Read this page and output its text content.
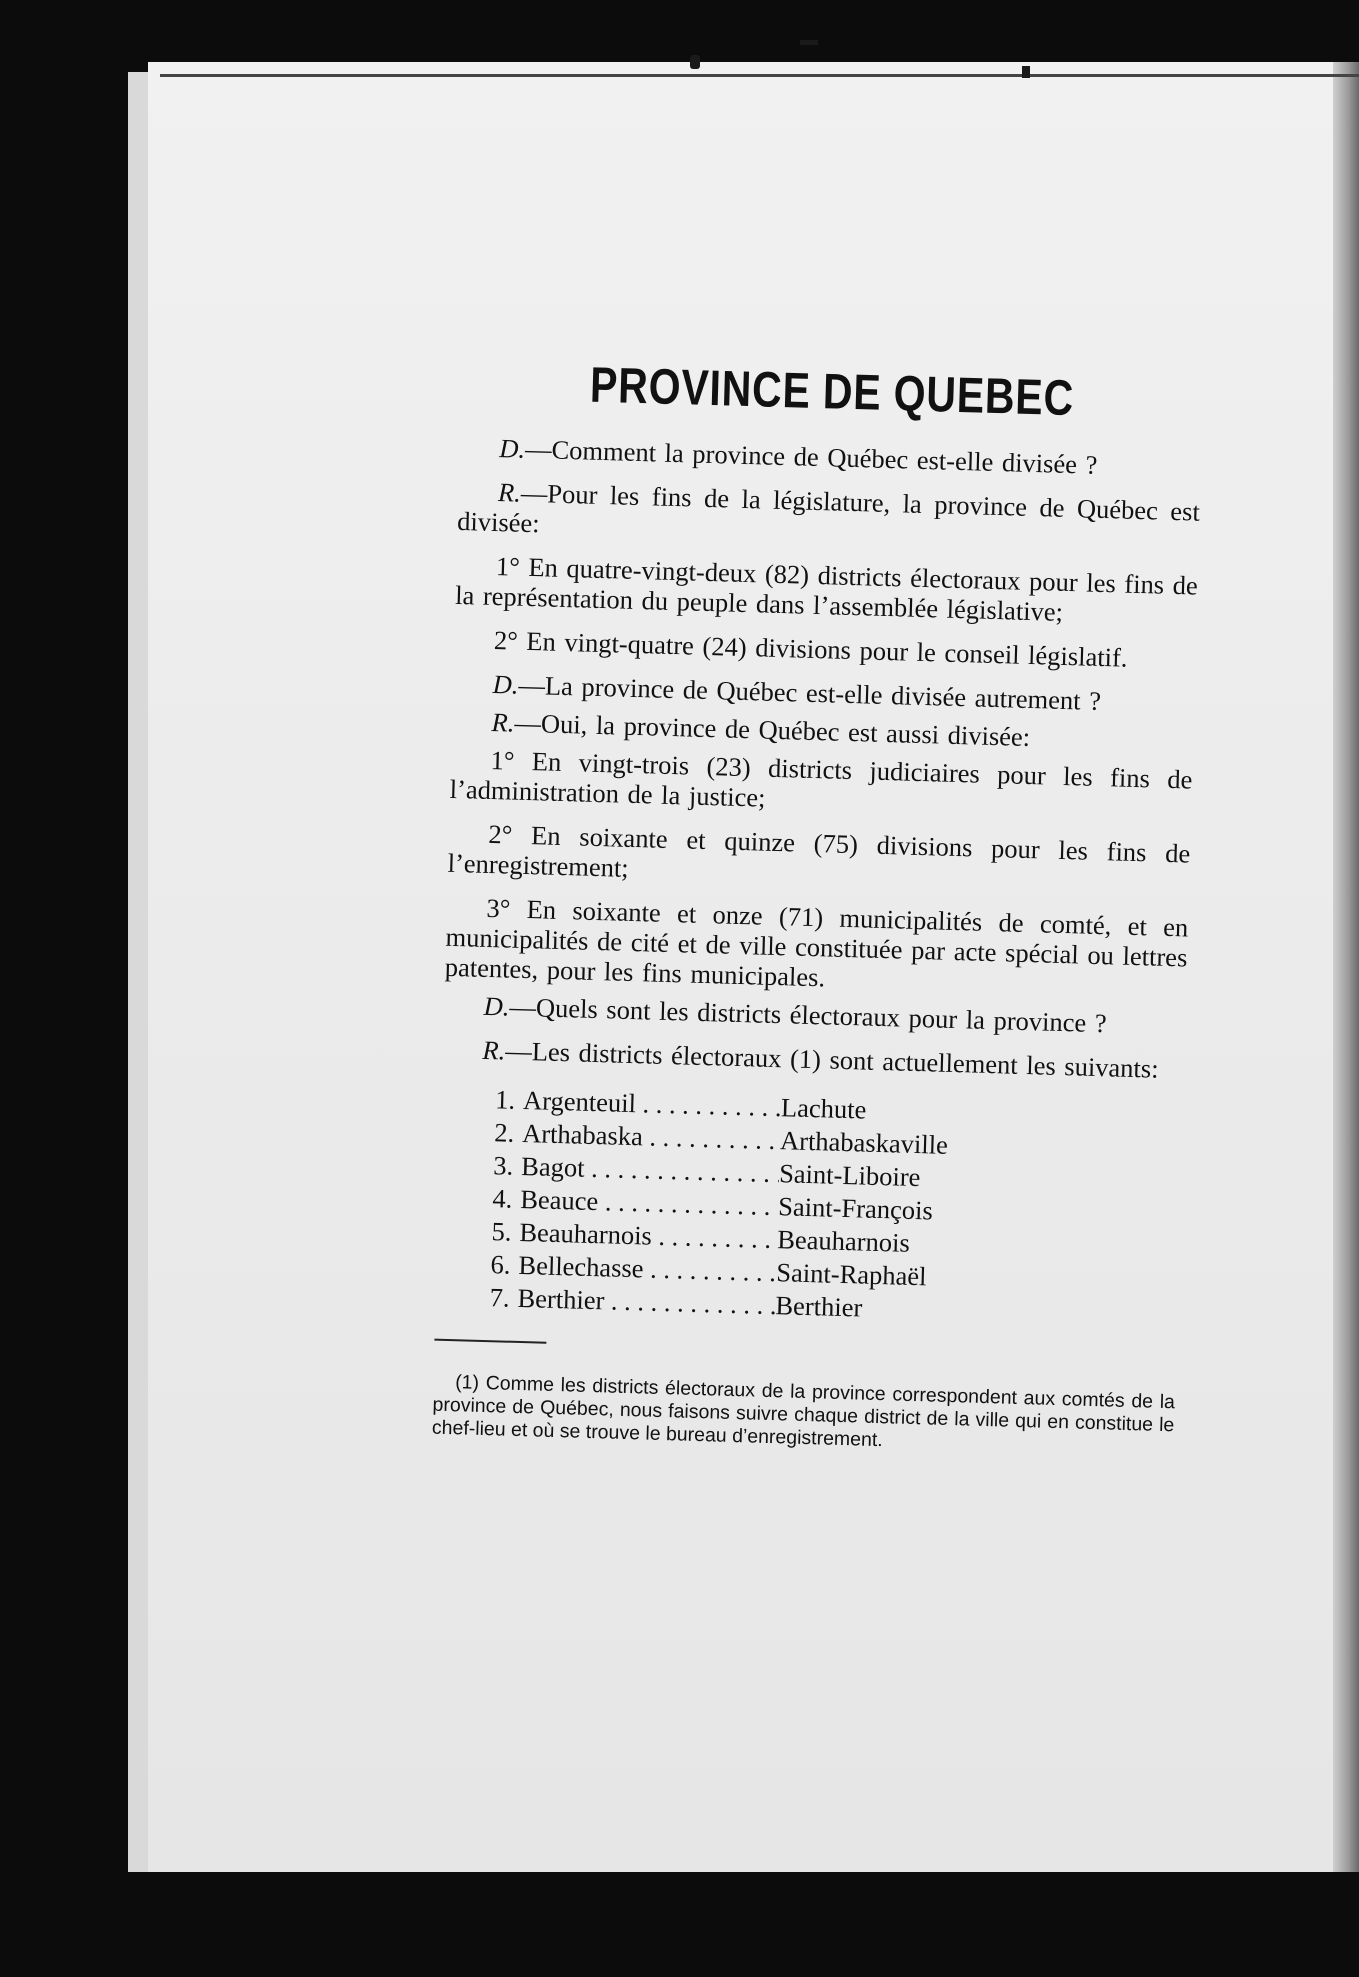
PROVINCE DE QUEBEC

D.—Comment la province de Québec est-elle divisée ?

R.—Pour les fins de la législature, la province de Québec est divisée:

1° En quatre-vingt-deux (82) districts électoraux pour les fins de la représentation du peuple dans l’assemblée législative;

2° En vingt-quatre (24) divisions pour le conseil législatif.

D.—La province de Québec est-elle divisée autrement ?

R.—Oui, la province de Québec est aussi divisée:

1° En vingt-trois (23) districts judiciaires pour les fins de l’administration de la justice;

2° En soixante et quinze (75) divisions pour les fins de l’enregistrement;

3° En soixante et onze (71) municipalités de comté, et en municipalités de cité et de ville constituée par acte spécial ou lettres patentes, pour les fins municipales.

D.—Quels sont les districts électoraux pour la province ?

R.—Les districts électoraux (1) sont actuellement les suivants:

1. Argenteuil . . .	Lachute
2. Arthabaska . . .	Arthabaskaville
3. Bagot . . .	Saint-Liboire
4. Beauce . . .	Saint-François
5. Beauharnois . . .	Beauharnois
6. Bellechasse . . .	Saint-Raphaël
7. Berthier . . .	Berthier

(1) Comme les districts électoraux de la province correspondent aux comtés de la province de Québec, nous faisons suivre chaque district de la ville qui en constitue le chef-lieu et où se trouve le bureau d’enregistrement.
